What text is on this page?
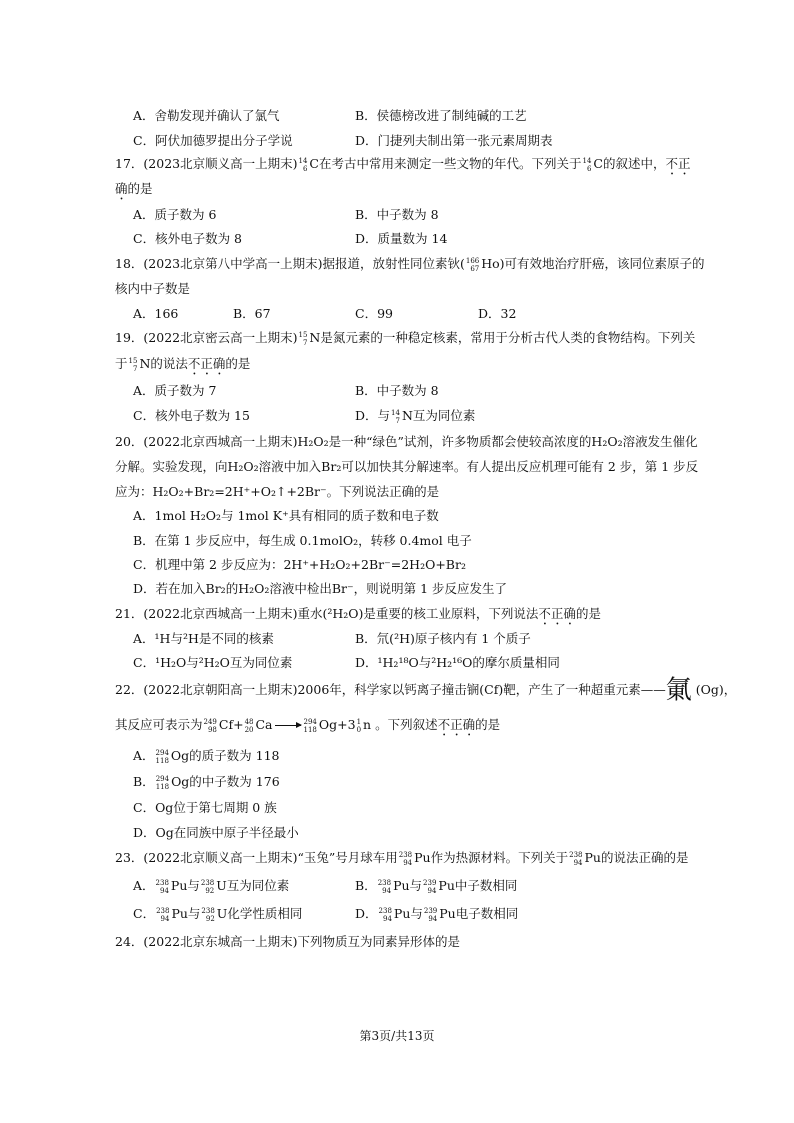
A．舍勒发现并确认了氯气	B．侯德榜改进了制纯碱的工艺
C．阿伏加德罗提出分子学说	D．门捷列夫制出第一张元素周期表
17．(2023北京顺义高一上期末) 14
6 C在考古中常用来测定一些文物的年代。下列关于 14
6 C的叙述中，不正
确的是
A．质子数为 6	B．中子数为 8
C．核外电子数为 8	D．质量数为 14
18．(2023北京第八中学高一上期末)据报道，放射性同位素钬( 166
67 Ho)可有效地治疗肝癌，该同位素原子的
核内中子数是
A．166	B．67	C．99	D．32
19．(2022北京密云高一上期末) 15
7 N是氮元素的一种稳定核素，常用于分析古代人类的食物结构。下列关
于 15
7 N的说法不正确的是
A．质子数为 7	B．中子数为 8
C．核外电子数为 15	D．与 14
7 N互为同位素
20．(2022北京西城高一上期末)H₂O₂是一种“绿色”试剂，许多物质都会使较高浓度的H₂O₂溶液发生催化
分解。实验发现，向H₂O₂溶液中加入Br₂可以加快其分解速率。有人提出反应机理可能有 2 步，第 1 步反
应为：H₂O₂+Br₂=2H⁺+O₂↑+2Br⁻。下列说法正确的是
A．1mol H₂O₂与 1mol K⁺具有相同的质子数和电子数
B．在第 1 步反应中，每生成 0.1molO₂，转移 0.4mol 电子
C．机理中第 2 步反应为：2H⁺+H₂O₂+2Br⁻=2H₂O+Br₂
D．若在加入Br₂的H₂O₂溶液中检出Br⁻，则说明第 1 步反应发生了
21．(2022北京西城高一上期末)重水(²H₂O)是重要的核工业原料，下列说法不正确的是
A．¹H与²H是不同的核素	B．氘(²H)原子核内有 1 个质子
C．¹H₂O与²H₂O互为同位素	D．¹H₂¹⁸O与²H₂¹⁶O的摩尔质量相同
22．(2022北京朝阳高一上期末)2006年，科学家以钙离子撞击锎(Cf)靶，产生了一种超重元素——氭 (Og)，
其反应可表示为 249
98 Cf+ 48
20 Ca → 294
118 Og+3 1
0 n 。下列叙述不正确的是
A． 294
118 Og的质子数为 118
B． 294
118 Og的中子数为 176
C．Og位于第七周期 0 族
D．Og在同族中原子半径最小
23．(2022北京顺义高一上期末)“玉兔”号月球车用 238
94 Pu作为热源材料。下列关于 238
94 Pu的说法正确的是
A． 238
94 Pu与 238
92 U互为同位素	B． 238
94 Pu与 239
94 Pu中子数相同
C． 238
94 Pu与 238
92 U化学性质相同	D． 238
94 Pu与 239
94 Pu电子数相同
24．(2022北京东城高一上期末)下列物质互为同素异形体的是
第3页/共13页
